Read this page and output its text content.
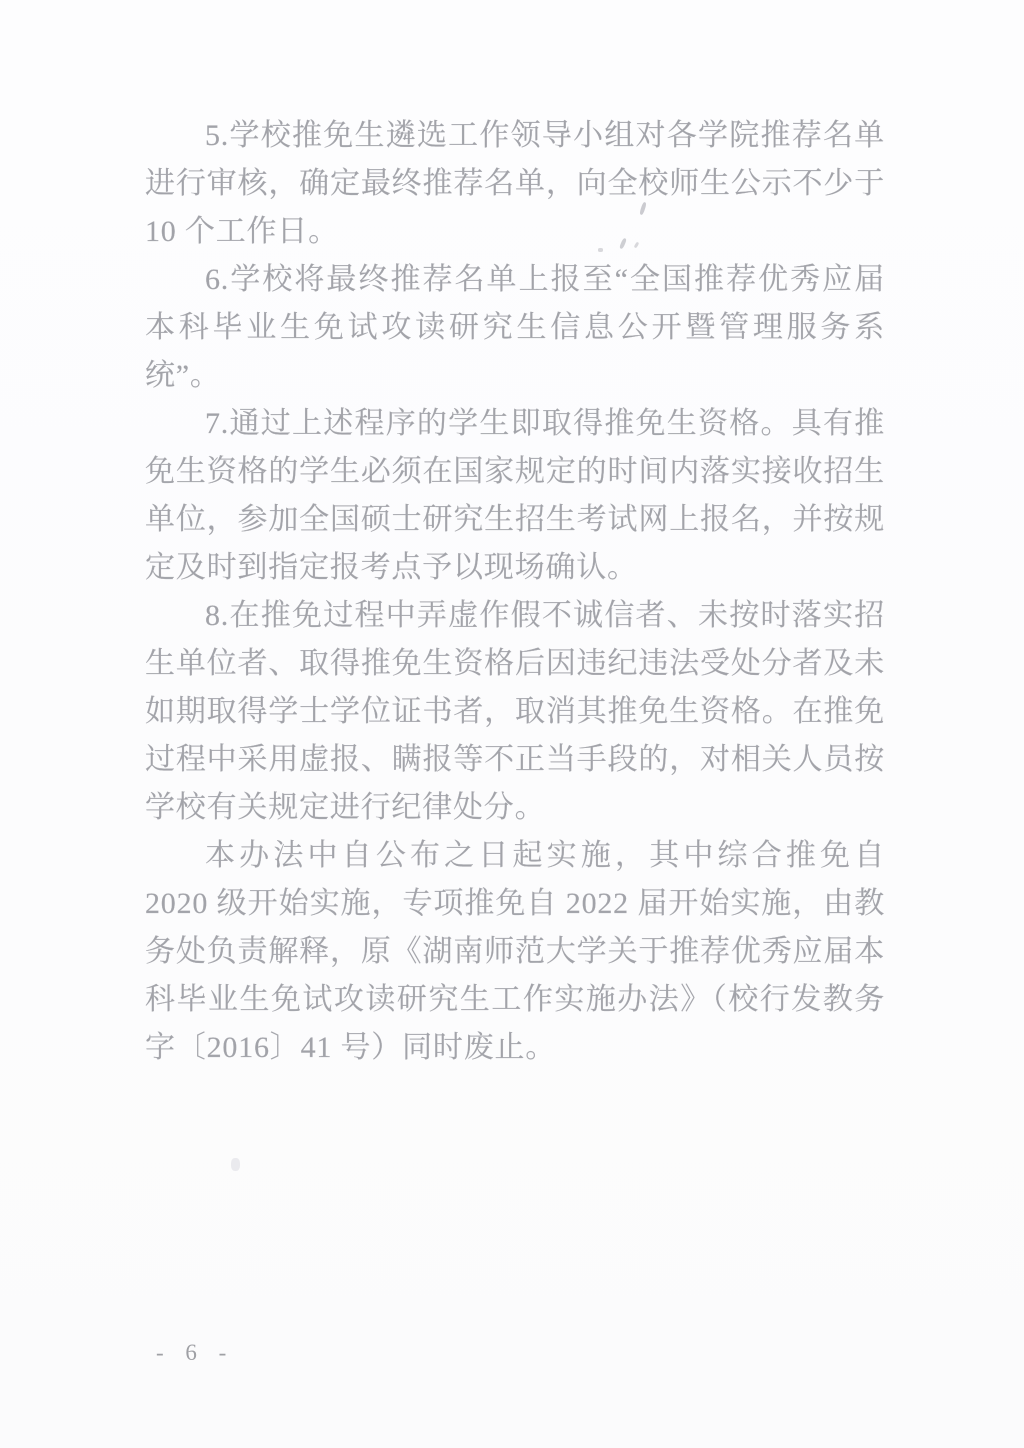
5.学校推免生遴选工作领导小组对各学院推荐名单进行审核，确定最终推荐名单，向全校师生公示不少于 10 个工作日。

6.学校将最终推荐名单上报至“全国推荐优秀应届本科毕业生免试攻读研究生信息公开暨管理服务系统”。

7.通过上述程序的学生即取得推免生资格。具有推免生资格的学生必须在国家规定的时间内落实接收招生单位，参加全国硕士研究生招生考试网上报名，并按规定及时到指定报考点予以现场确认。

8.在推免过程中弄虚作假不诚信者、未按时落实招生单位者、取得推免生资格后因违纪违法受处分者及未如期取得学士学位证书者，取消其推免生资格。在推免过程中采用虚报、瞒报等不正当手段的，对相关人员按学校有关规定进行纪律处分。

本办法中自公布之日起实施，其中综合推免自 2020 级开始实施，专项推免自 2022 届开始实施，由教务处负责解释，原《湖南师范大学关于推荐优秀应届本科毕业生免试攻读研究生工作实施办法》（校行发教务字〔2016〕41 号）同时废止。

- 6 -
